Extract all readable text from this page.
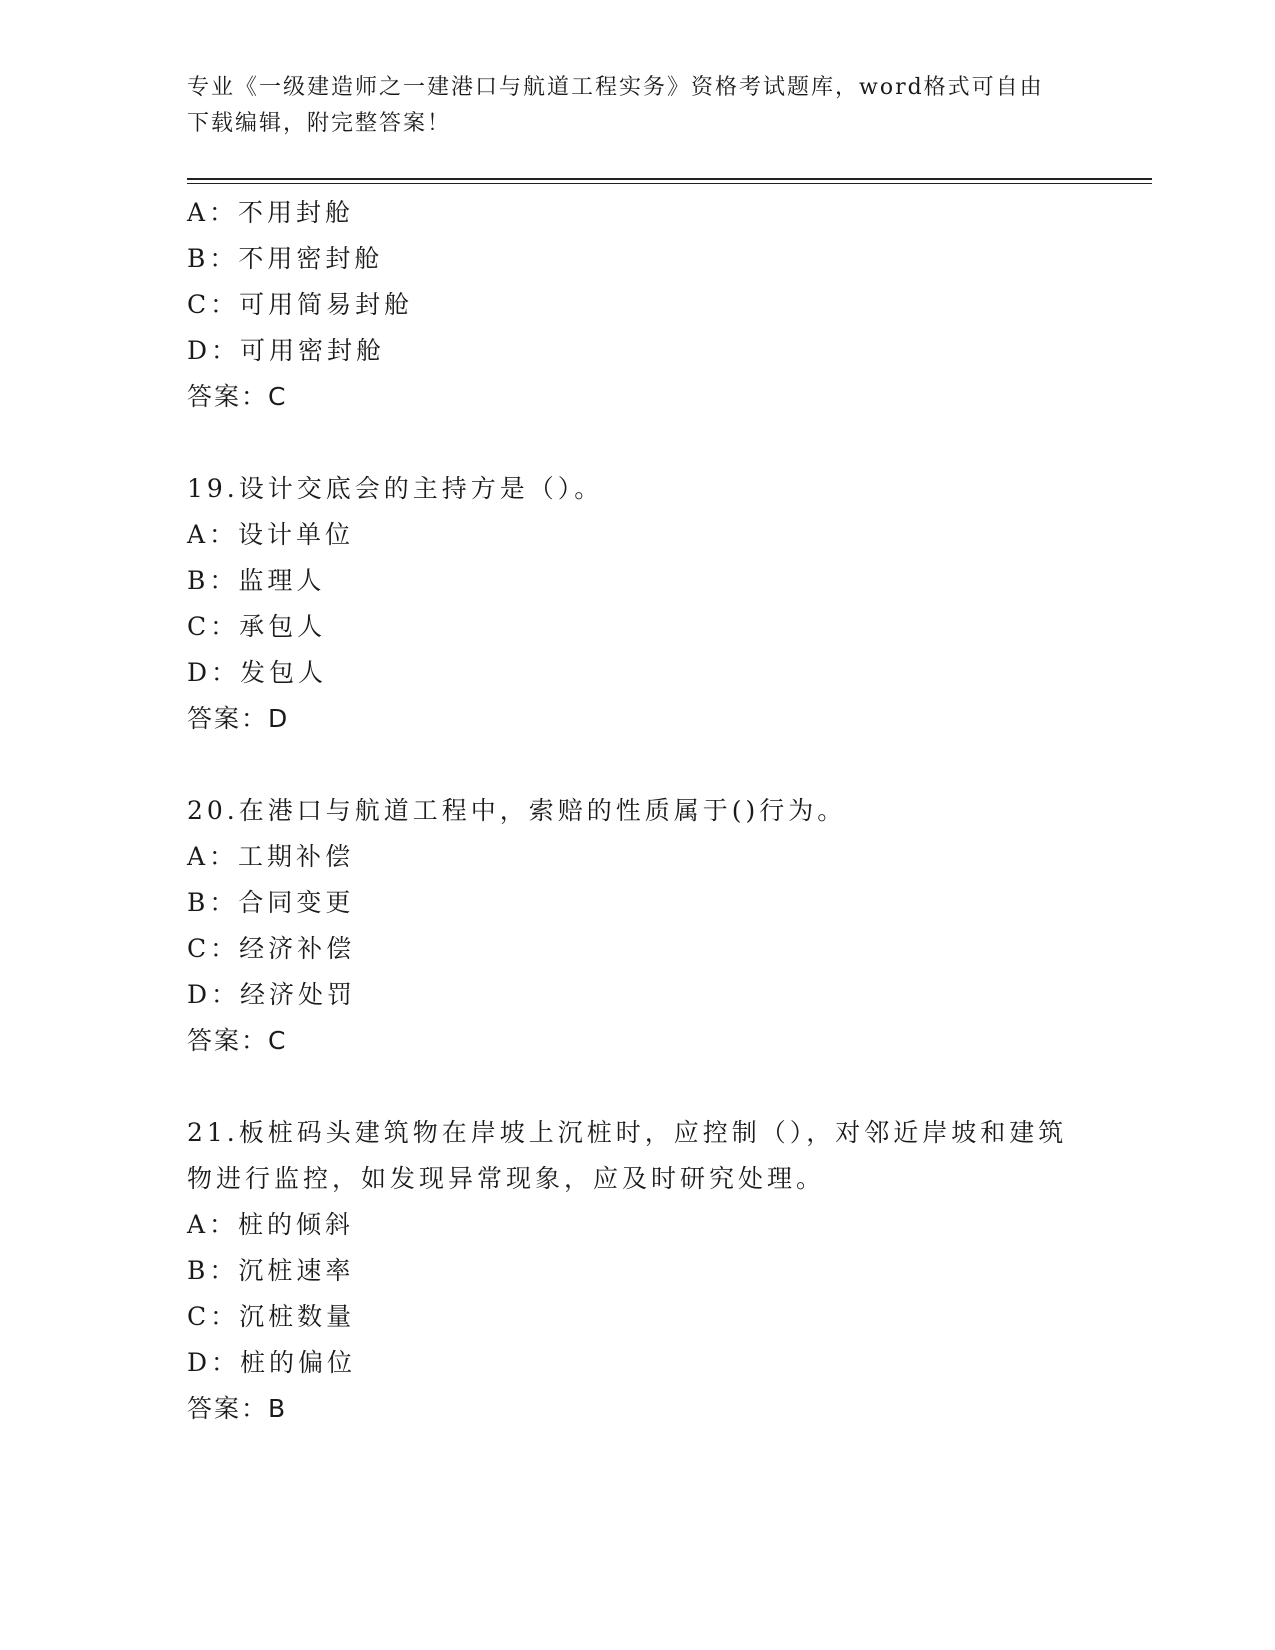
专业《一级建造师之一建港口与航道工程实务》资格考试题库，word格式可自由
下载编辑，附完整答案！
A：不用封舱
B：不用密封舱
C：可用简易封舱
D：可用密封舱
答案：C
19.设计交底会的主持方是（）。
A：设计单位
B：监理人
C：承包人
D：发包人
答案：D
20.在港口与航道工程中，索赔的性质属于()行为。
A：工期补偿
B：合同变更
C：经济补偿
D：经济处罚
答案：C
21.板桩码头建筑物在岸坡上沉桩时，应控制（），对邻近岸坡和建筑
物进行监控，如发现异常现象，应及时研究处理。
A：桩的倾斜
B：沉桩速率
C：沉桩数量
D：桩的偏位
答案：B
